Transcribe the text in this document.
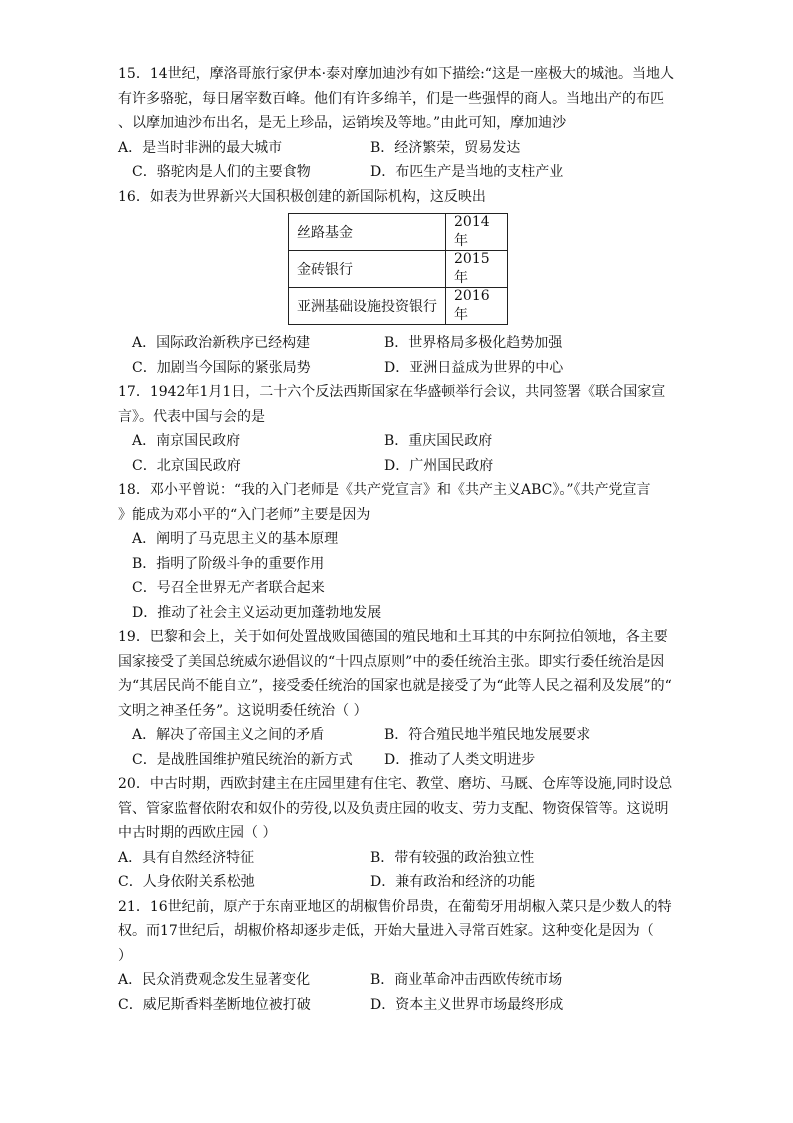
15．14世纪，摩洛哥旅行家伊本·泰对摩加迪沙有如下描绘:“这是一座极大的城池。当地人
有许多骆驼，每日屠宰数百峰。他们有许多绵羊，们是一些强悍的商人。当地出产的布匹
、以摩加迪沙布出名，是无上珍品，运销埃及等地。”由此可知，摩加迪沙
A．是当时非洲的最大城市	B．经济繁荣，贸易发达
C．骆驼肉是人们的主要食物	D．布匹生产是当地的支柱产业
16．如表为世界新兴大国积极创建的新国际机构，这反映出
丝路基金	2014年
金砖银行	2015年
亚洲基础设施投资银行	2016年
A．国际政治新秩序已经构建	B．世界格局多极化趋势加强
C．加剧当今国际的紧张局势	D．亚洲日益成为世界的中心
17．1942年1月1日，二十六个反法西斯国家在华盛顿举行会议，共同签署《联合国家宣
言》。代表中国与会的是
A．南京国民政府	B．重庆国民政府
C．北京国民政府	D．广州国民政府
18．邓小平曾说：“我的入门老师是《共产党宣言》和《共产主义ABC》。”《共产党宣言
》能成为邓小平的“入门老师”主要是因为
A．阐明了马克思主义的基本原理
B．指明了阶级斗争的重要作用
C．号召全世界无产者联合起来
D．推动了社会主义运动更加蓬勃地发展
19．巴黎和会上，关于如何处置战败国德国的殖民地和土耳其的中东阿拉伯领地，各主要
国家接受了美国总统威尔逊倡议的“十四点原则”中的委任统治主张。即实行委任统治是因
为“其居民尚不能自立”，接受委任统治的国家也就是接受了为“此等人民之福利及发展”的“
文明之神圣任务”。这说明委任统治（ ）
A．解决了帝国主义之间的矛盾	B．符合殖民地半殖民地发展要求
C．是战胜国维护殖民统治的新方式	D．推动了人类文明进步
20．中古时期，西欧封建主在庄园里建有住宅、教堂、磨坊、马厩、仓库等设施,同时设总
管、管家监督依附农和奴仆的劳役,以及负责庄园的收支、劳力支配、物资保管等。这说明
中古时期的西欧庄园（ ）
A．具有自然经济特征	B．带有较强的政治独立性
C．人身依附关系松弛	D．兼有政治和经济的功能
21．16世纪前，原产于东南亚地区的胡椒售价昂贵，在葡萄牙用胡椒入菜只是少数人的特
权。而17世纪后，胡椒价格却逐步走低，开始大量进入寻常百姓家。这种变化是因为（
）
A．民众消费观念发生显著变化	B．商业革命冲击西欧传统市场
C．威尼斯香料垄断地位被打破	D．资本主义世界市场最终形成
